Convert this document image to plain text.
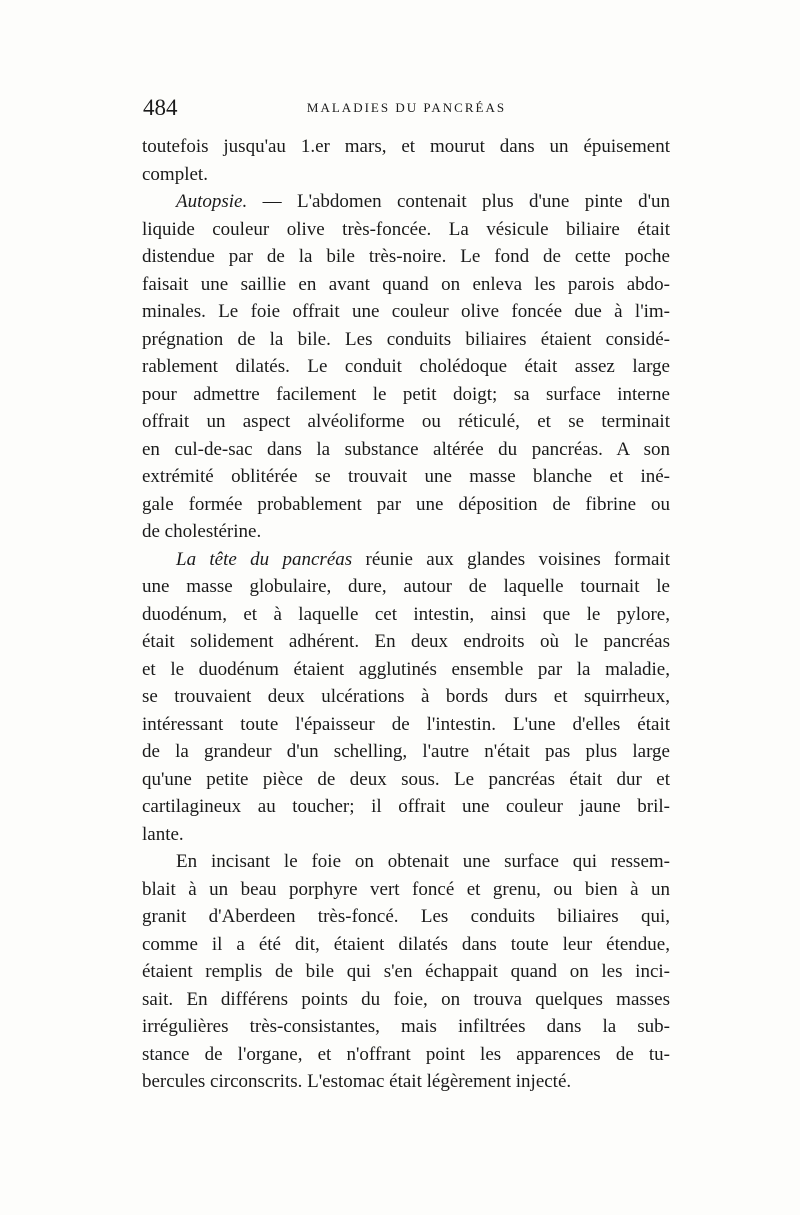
484	MALADIES DU PANCRÉAS
toutefois jusqu'au 1.er mars, et mourut dans un épuisement
complet.
Autopsie. — L'abdomen contenait plus d'une pinte d'un
liquide couleur olive très-foncée. La vésicule biliaire était
distendue par de la bile très-noire. Le fond de cette poche
faisait une saillie en avant quand on enleva les parois abdo-
minales. Le foie offrait une couleur olive foncée due à l'im-
prégnation de la bile. Les conduits biliaires étaient considé-
rablement dilatés. Le conduit cholédoque était assez large
pour admettre facilement le petit doigt; sa surface interne
offrait un aspect alvéoliforme ou réticulé, et se terminait
en cul-de-sac dans la substance altérée du pancréas. A son
extrémité oblitérée se trouvait une masse blanche et iné-
gale formée probablement par une déposition de fibrine ou
de cholestérine.
La tête du pancréas réunie aux glandes voisines formait
une masse globulaire, dure, autour de laquelle tournait le
duodénum, et à laquelle cet intestin, ainsi que le pylore,
était solidement adhérent. En deux endroits où le pancréas
et le duodénum étaient agglutinés ensemble par la maladie,
se trouvaient deux ulcérations à bords durs et squirrheux,
intéressant toute l'épaisseur de l'intestin. L'une d'elles était
de la grandeur d'un schelling, l'autre n'était pas plus large
qu'une petite pièce de deux sous. Le pancréas était dur et
cartilagineux au toucher; il offrait une couleur jaune bril-
lante.
En incisant le foie on obtenait une surface qui ressem-
blait à un beau porphyre vert foncé et grenu, ou bien à un
granit d'Aberdeen très-foncé. Les conduits biliaires qui,
comme il a été dit, étaient dilatés dans toute leur étendue,
étaient remplis de bile qui s'en échappait quand on les inci-
sait. En différens points du foie, on trouva quelques masses
irrégulières très-consistantes, mais infiltrées dans la sub-
stance de l'organe, et n'offrant point les apparences de tu-
bercules circonscrits. L'estomac était légèrement injecté.
